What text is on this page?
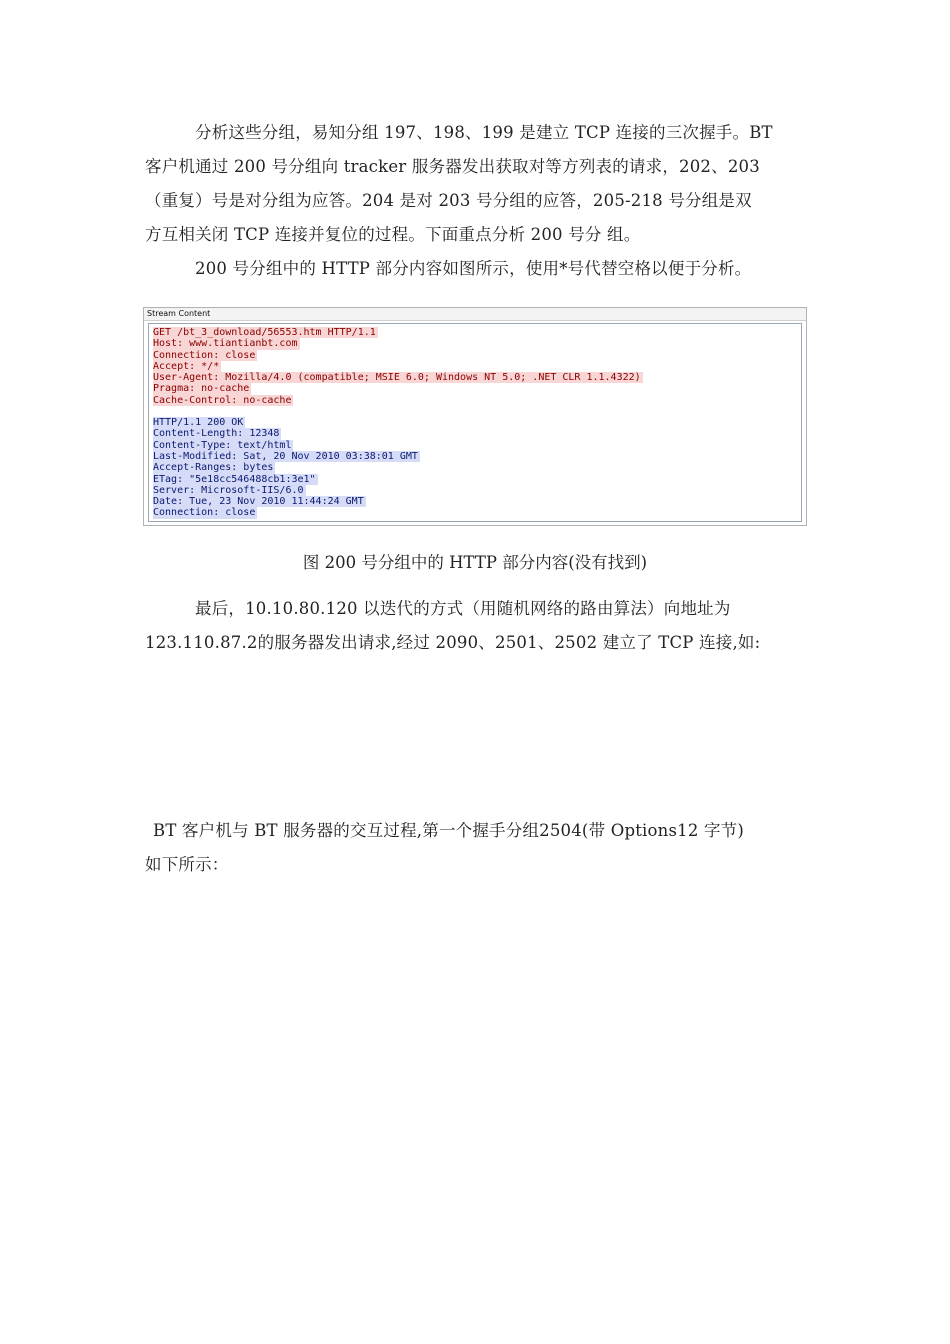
分析这些分组，易知分组 197、198、199 是建立 TCP 连接的三次握手。BT
客户机通过 200 号分组向 tracker 服务器发出获取对等方列表的请求，202、203
（重复）号是对分组为应答。204 是对 203 号分组的应答，205-218 号分组是双
方互相关闭 TCP 连接并复位的过程。下面重点分析 200 号分 组。
200 号分组中的 HTTP 部分内容如图所示，使用*号代替空格以便于分析。
Stream Content
GET /bt_3_download/56553.htm HTTP/1.1
Host: www.tiantianbt.com
Connection: close
Accept: */*
User-Agent: Mozilla/4.0 (compatible; MSIE 6.0; Windows NT 5.0; .NET CLR 1.1.4322)
Pragma: no-cache
Cache-Control: no-cache
HTTP/1.1 200 OK
Content-Length: 12348
Content-Type: text/html
Last-Modified: Sat, 20 Nov 2010 03:38:01 GMT
Accept-Ranges: bytes
ETag: "5e18cc546488cb1:3e1"
Server: Microsoft-IIS/6.0
Date: Tue, 23 Nov 2010 11:44:24 GMT
Connection: close
图 200 号分组中的 HTTP 部分内容(没有找到)
最后，10.10.80.120 以迭代的方式（用随机网络的路由算法）向地址为
123.110.87.2的服务器发出请求,经过 2090、2501、2502 建立了 TCP 连接,如:
BT 客户机与 BT 服务器的交互过程,第一个握手分组2504(带 Options12 字节)
如下所示：
